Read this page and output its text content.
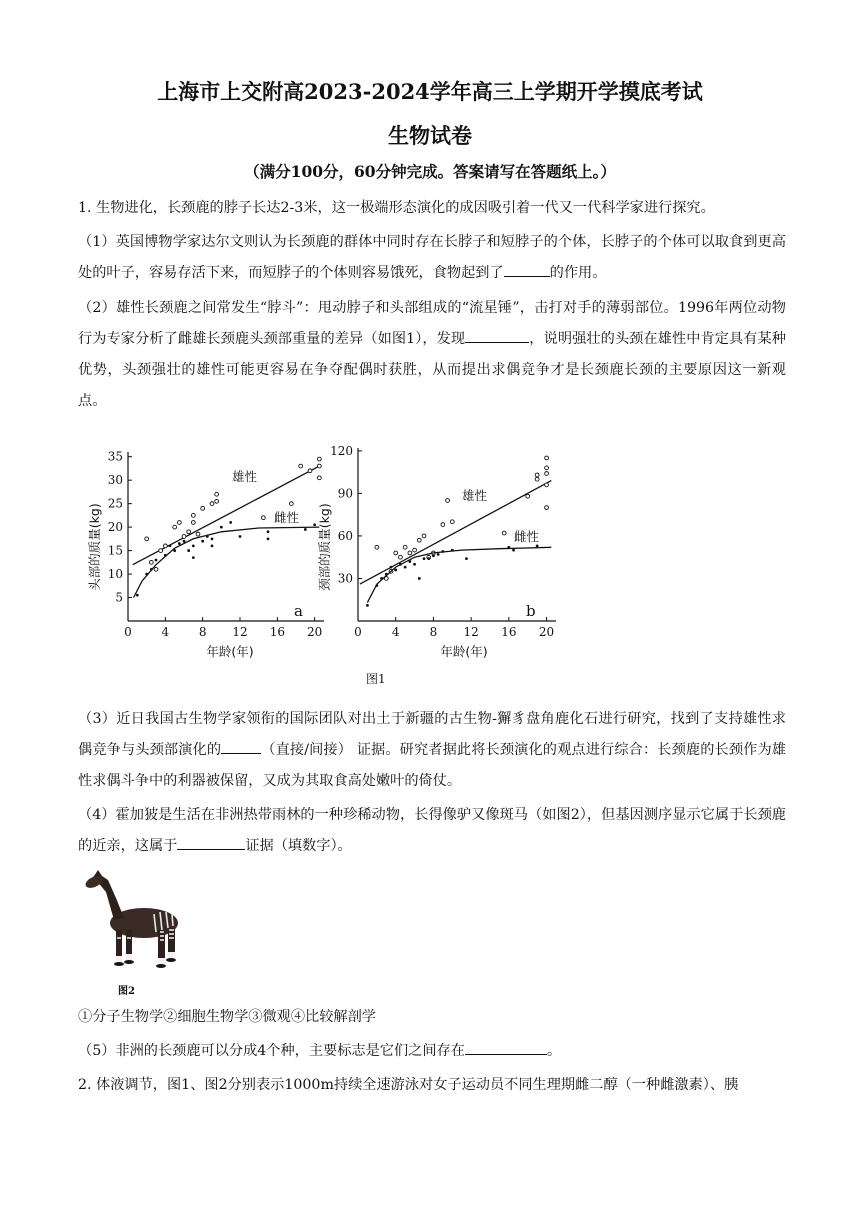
上海市上交附高2023-2024学年高三上学期开学摸底考试
生物试卷
（满分100分，60分钟完成。答案请写在答题纸上。）
1. 生物进化，长颈鹿的脖子长达2-3米，这一极端形态演化的成因吸引着一代又一代科学家进行探究。
（1）英国博物学家达尔文则认为长颈鹿的群体中同时存在长脖子和短脖子的个体，长脖子的个体可以取食到更高处的叶子，容易存活下来，而短脖子的个体则容易饿死，食物起到了	的作用。
（2）雄性长颈鹿之间常发生“脖斗”：甩动脖子和头部组成的“流星锤”，击打对手的薄弱部位。1996年两位动物行为专家分析了雌雄长颈鹿头颈部重量的差异（如图1），发现	，说明强壮的头颈在雄性中肯定具有某种优势，头颈强壮的雄性可能更容易在争夺配偶时获胜，从而提出求偶竞争才是长颈鹿长颈的主要原因这一新观点。
头部的质量(kg)
年龄(年)
a
0 4 8 12 16 20
5
10
15
20
25
30
35
雄性
雌性 颈部的质量(kg)
年龄(年)
b
0	4	8 12 16 20
30
60
90
120
雄性
雌性
图1
（3）近日我国古生物学家领衔的国际团队对出土于新疆的古生物-獬豸盘角鹿化石进行研究，找到了支持雄性求偶竞争与头颈部演化的	（直接/间接） 证据。研究者据此将长颈演化的观点进行综合：长颈鹿的长颈作为雄性求偶斗争中的利器被保留，又成为其取食高处嫩叶的倚仗。
（4）霍加狓是生活在非洲热带雨林的一种珍稀动物，长得像驴又像斑马（如图2），但基因测序显示它属于长颈鹿的近亲，这属于	证据（填数字）。
图2
①分子生物学②细胞生物学③微观④比较解剖学
（5）非洲的长颈鹿可以分成4个种，主要标志是它们之间存在	。
2. 体液调节，图1、图2分别表示1000m持续全速游泳对女子运动员不同生理期雌二醇（一种雌激素）、胰
